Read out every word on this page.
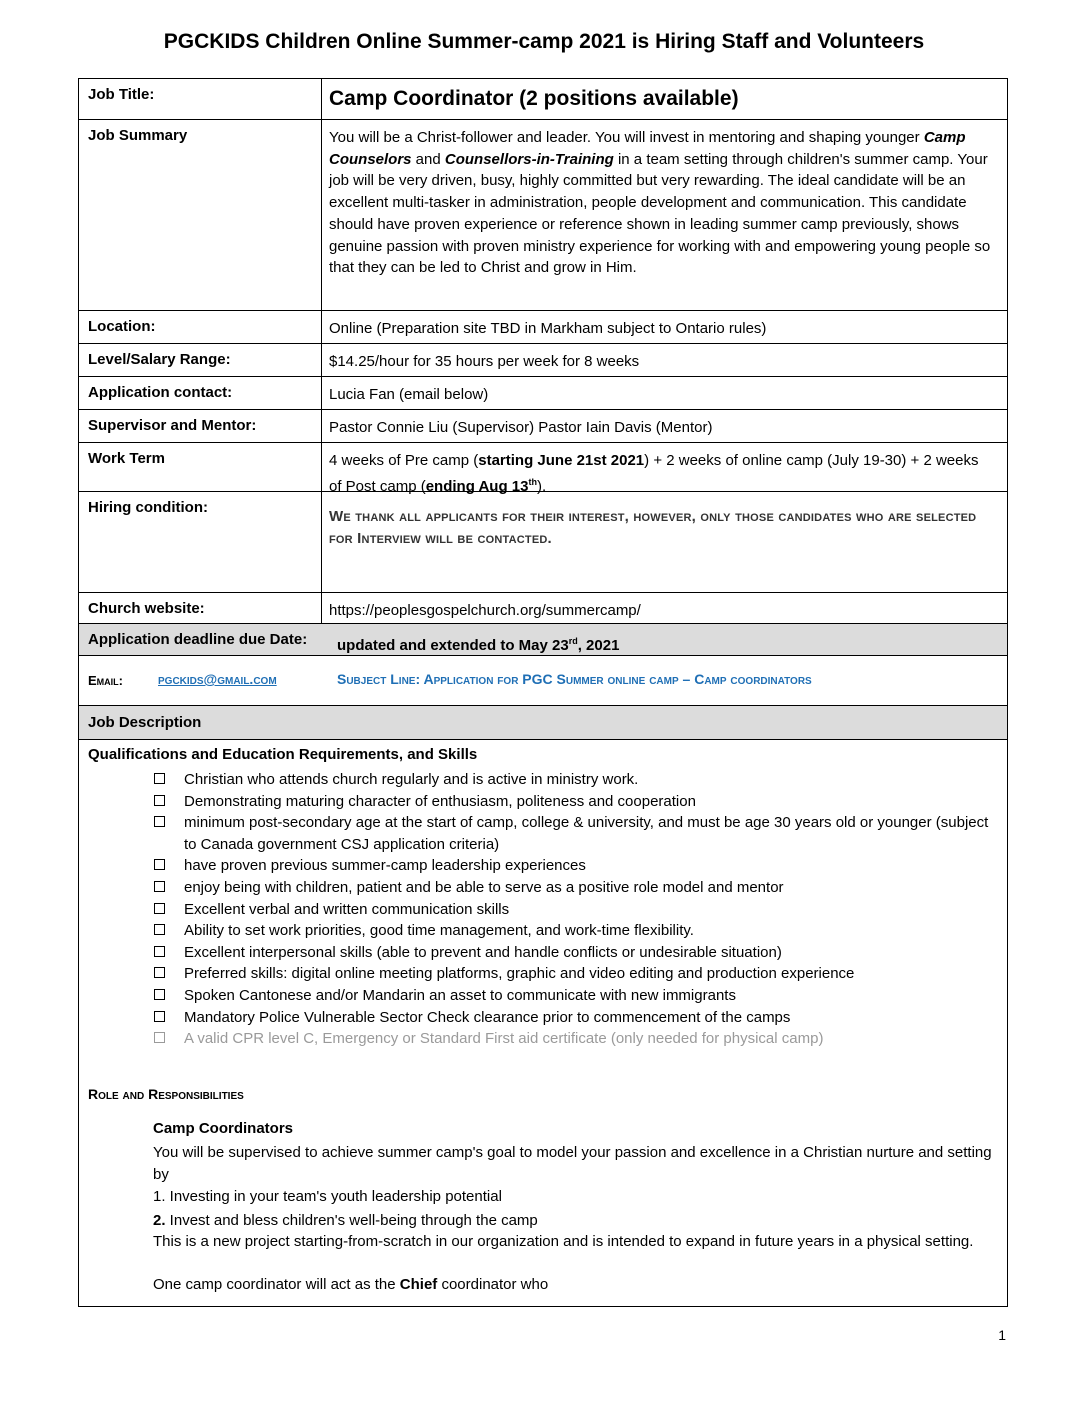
PGCKIDS Children Online Summer-camp 2021 is Hiring Staff and Volunteers
Job Title:	Camp Coordinator (2 positions available)
Job Summary	You will be a Christ-follower and leader. You will invest in mentoring and shaping younger Camp Counselors and Counsellors-in-Training in a team setting through children's summer camp. Your job will be very driven, busy, highly committed but very rewarding. The ideal candidate will be an excellent multi-tasker in administration, people development and communication. This candidate should have proven experience or reference shown in leading summer camp previously, shows genuine passion with proven ministry experience for working with and empowering young people so that they can be led to Christ and grow in Him.
Location:	Online (Preparation site TBD in Markham subject to Ontario rules)
Level/Salary Range:	$14.25/hour for 35 hours per week for 8 weeks
Application contact:	Lucia Fan (email below)
Supervisor and Mentor:	Pastor Connie Liu (Supervisor) Pastor Iain Davis (Mentor)
Work Term	4 weeks of Pre camp (starting June 21st 2021) + 2 weeks of online camp (July 19-30) + 2 weeks of Post camp (ending Aug 13th).
Hiring condition:
We thank all applicants for their interest, however, only those candidates who are selected for Interview will be contacted.
Church website:	https://peoplesgospelchurch.org/summercamp/
Application deadline due Date: updated and extended to May 23rd, 2021
Email:	pgckids@gmail.com	Subject Line: Application for PGC Summer online camp – Camp coordinators
Job Description
Qualifications and Education Requirements, and Skills
Christian who attends church regularly and is active in ministry work.
Demonstrating maturing character of enthusiasm, politeness and cooperation
minimum post-secondary age at the start of camp, college & university, and must be age 30 years old or younger (subject to Canada government CSJ application criteria)
have proven previous summer-camp leadership experiences
enjoy being with children, patient and be able to serve as a positive role model and mentor
Excellent verbal and written communication skills
Ability to set work priorities, good time management, and work-time flexibility.
Excellent interpersonal skills (able to prevent and handle conflicts or undesirable situation)
Preferred skills: digital online meeting platforms, graphic and video editing and production experience
Spoken Cantonese and/or Mandarin an asset to communicate with new immigrants
Mandatory Police Vulnerable Sector Check clearance prior to commencement of the camps
A valid CPR level C, Emergency or Standard First aid certificate (only needed for physical camp)
Role and Responsibilities
Camp Coordinators
You will be supervised to achieve summer camp's goal to model your passion and excellence in a Christian nurture and setting by
1. Investing in your team's youth leadership potential
2. Invest and bless children's well-being through the camp
This is a new project starting-from-scratch in our organization and is intended to expand in future years in a physical setting.
One camp coordinator will act as the Chief coordinator who
1
